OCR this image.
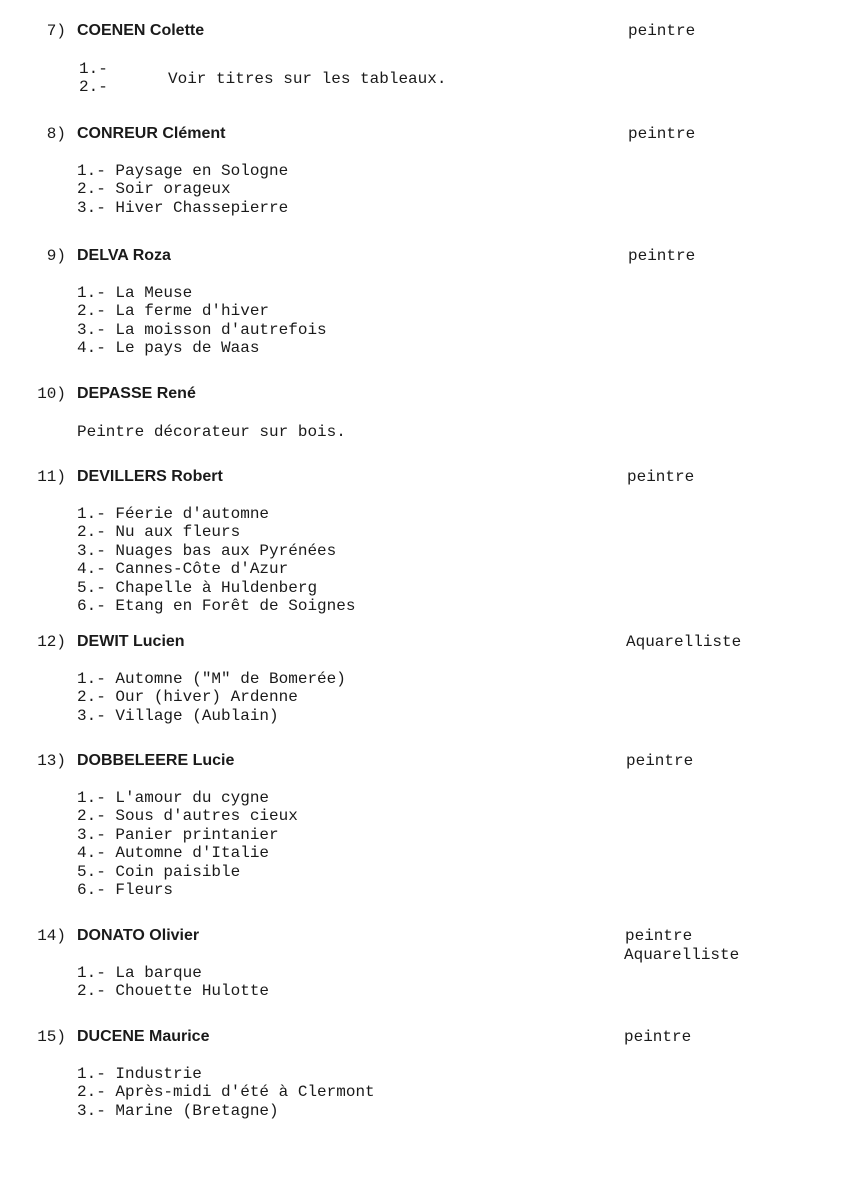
7) COENEN Colette	peintre
1.-
2.-	Voir titres sur les tableaux.
8) CONREUR Clément	peintre
1.- Paysage en Sologne
2.- Soir orageux
3.- Hiver Chassepierre
9) DELVA Roza	peintre
1.- La Meuse
2.- La ferme d'hiver
3.- La moisson d'autrefois
4.- Le pays de Waas
10) DEPASSE René
Peintre décorateur sur bois.
11) DEVILLERS Robert	peintre
1.- Féerie d'automne
2.- Nu aux fleurs
3.- Nuages bas aux Pyrénées
4.- Cannes-Côte d'Azur
5.- Chapelle à Huldenberg
6.- Etang en Forêt de Soignes
12) DEWIT Lucien	Aquarelliste
1.- Automne ("M" de Bomerée)
2.- Our (hiver) Ardenne
3.- Village (Aublain)
13) DOBBELEERE Lucie	peintre
1.- L'amour du cygne
2.- Sous d'autres cieux
3.- Panier printanier
4.- Automne d'Italie
5.- Coin paisible
6.- Fleurs
14) DONATO Olivier	peintre
Aquarelliste
1.- La barque
2.- Chouette Hulotte
15) DUCENE Maurice	peintre
1.- Industrie
2.- Après-midi d'été à Clermont
3.- Marine (Bretagne)
